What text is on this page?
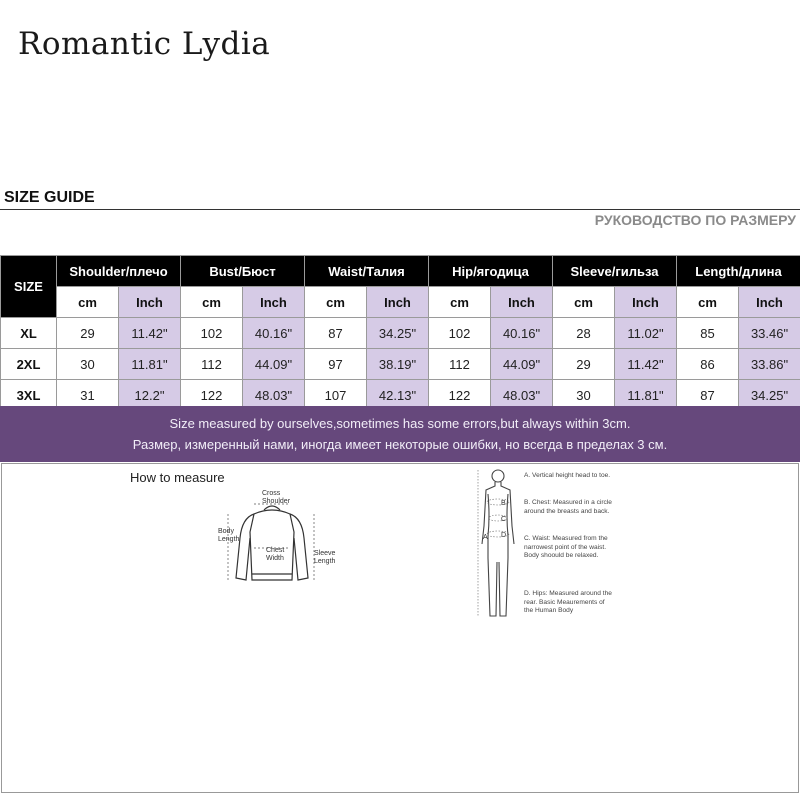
Romantic Lydia
SIZE GUIDE
РУКОВОДСТВО ПО РАЗМЕРУ
SIZE	Shoulder/плечо		Bust/Бюст		Waist/Талия		Hip/ягодица		Sleeve/гильза		Length/длина	
	cm	Inch	cm	Inch	cm	Inch	cm	Inch	cm	Inch	cm	Inch
XL	29	11.42"	102	40.16"	87	34.25"	102	40.16"	28	11.02"	85	33.46"
2XL	30	11.81"	112	44.09"	97	38.19"	112	44.09"	29	11.42"	86	33.86"
3XL	31	12.2"	122	48.03"	107	42.13"	122	48.03"	30	11.81"	87	34.25"
Size measured by ourselves,sometimes has some errors,but always within 3cm.
Размер, измеренный нами, иногда имеет некоторые ошибки, но всегда в пределах 3 см.
How to measure
Cross
Shoulder
Body
Length
Chest
Width
Sleeve
Length
A
B
C
D
A. Vertical height head to toe.
B. Chest: Measured in a circle around the breasts and back.
C. Waist: Measured from the narrowest point of the waist. Body shoould be relaxed.
D. Hips: Measured around the rear. Basic Meaurements of the Human Body
